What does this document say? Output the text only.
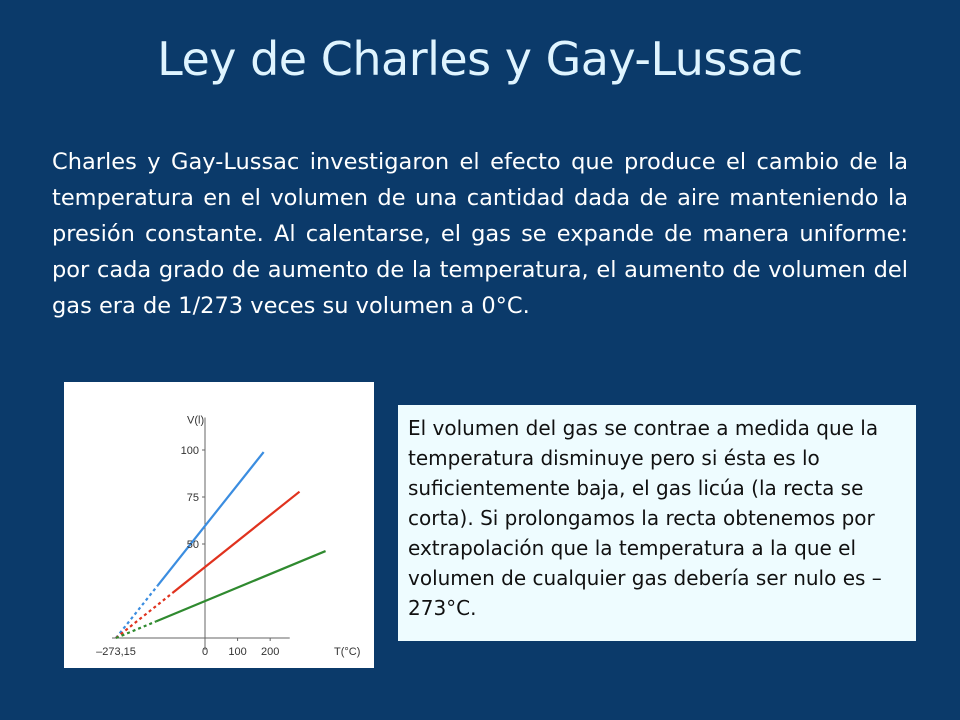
Ley de Charles y Gay-Lussac

Charles y Gay-Lussac investigaron el efecto que produce el cambio de la temperatura en el volumen de una cantidad dada de aire manteniendo la presión constante. Al calentarse, el gas se expande de manera uniforme: por cada grado de aumento de la temperatura, el aumento de volumen del gas era de 1/273 veces su volumen a 0°C.

50
75
100
0 100 200
V(l)
T(°C)
–273,15

El volumen del gas se contrae a medida que la temperatura disminuye pero si ésta es lo suficientemente baja, el gas licúa (la recta se corta). Si prolongamos la recta obtenemos por extrapolación que la temperatura a la que el volumen de cualquier gas debería ser nulo es –273°C.
